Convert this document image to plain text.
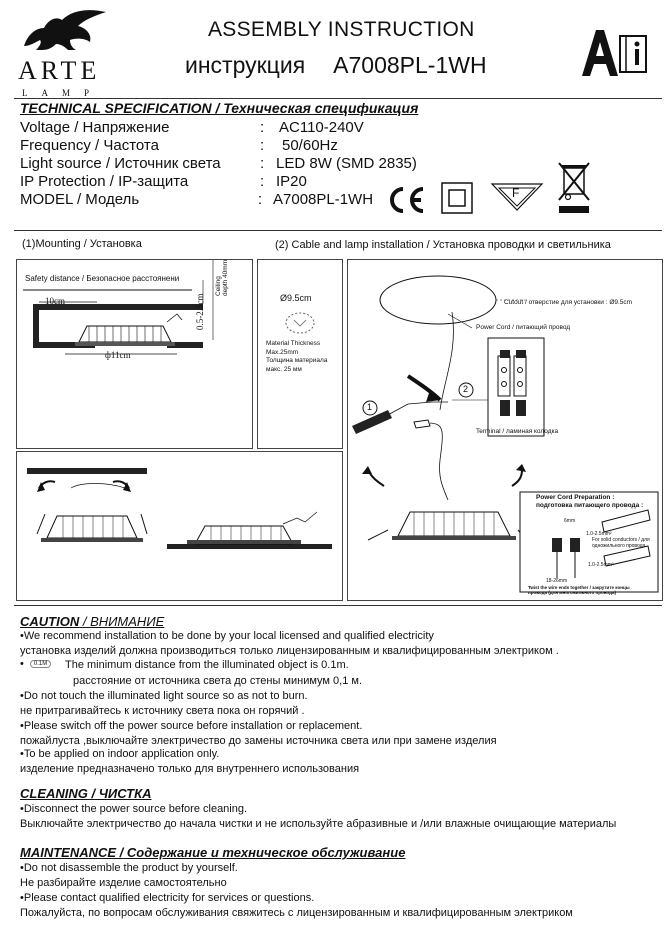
ARTE
LAMP
ASSEMBLY INSTRUCTION
инструкция A7008PL-1WH
TECHNICAL SPECIFICATION / Техническая спецификация
Voltage / Напряжение	: AC110-240V
Frequency / Частота	: 50/60Hz
Light source / Источник света	: LED 8W (SMD 2835)
IP Protection / IP-защита	: IP20
MODEL / Модель	: A7008PL-1WH	F
(1)Mounting / Установка	(2) Cable and lamp installation / Установка проводки и светильника
Safety distance / Безопасное расстоянени
10cm
ф11cm
0.5-2.5cm
Ceiling depth 40mm
Ø9.5cm
Material Thickness
Max.25mm
Толщина материала
макс. 25 мм
Cutout / отверстие для установки : Ø9.5cm
Power Cord / питающий провод
Terminal / ламиная колодка
1
2
Power Cord Preparation :
подготовка питающего провода :
6mm
1.0-2.5mm²
For solid conductors / для
одножильного провода
1.0-2.5mm²
18-26mm
Twist the wire ends together / закрутите концы
провода (для многожильного провода)
CAUTION / ВНИМАНИЕ
•We recommend installation to be done by your local licensed and qualified electricity
установка изделий должна производиться только лицензированным и квалифицированным электриком .
• 0.1M	The minimum distance from the illuminated object is 0.1m.
расстояние от источника света до стены минимум 0,1 м.
•Do not touch the illuminated light source so as not to burn.
не притрагивайтесь к источнику света пока он горячий .
•Please switch off the power source before installation or replacement.
пожайлуста ,выключайте электричество до замены источника света или при замене изделия
•To be applied on indoor application only.
изделение предназначено только для внутреннего использования
CLEANING / ЧИСТКА
•Disconnect the power source before cleaning.
Выключайте электричество до начала чистки и не используйте абразивные и /или влажные очищающие материалы
MAINTENANCE / Содержание и техническое обслуживание
•Do not disassemble the product by yourself.
Не разбирайте изделие самостоятельно
•Please contact qualified electricity for services or questions.
Пожалуйста, по вопросам обслуживания свяжитесь с лицензированным и квалифицированным электриком
